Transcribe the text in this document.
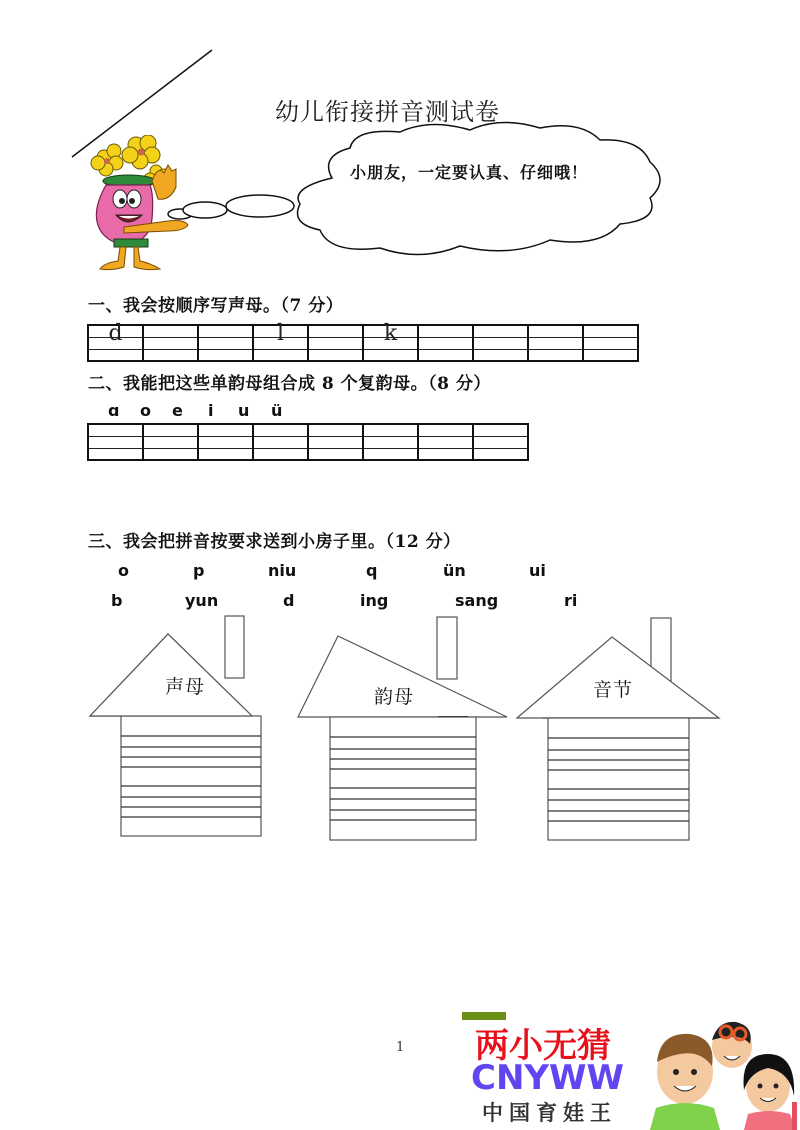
幼儿衔接拼音测试卷
小朋友，一定要认真、仔细哦！
一、我会按顺序写声母。（7 分）
d			l		k				

二、我能把这些单韵母组合成 8 个复韵母。（8 分）
ɑ o e i u ü

三、我会把拼音按要求送到小房子里。（12 分）
o	p	niu	q	ün	ui
b	yun	d	ing	sang	ri
声母	韵母	音节
1 两小无猜
CNYWW
中国育娃王
